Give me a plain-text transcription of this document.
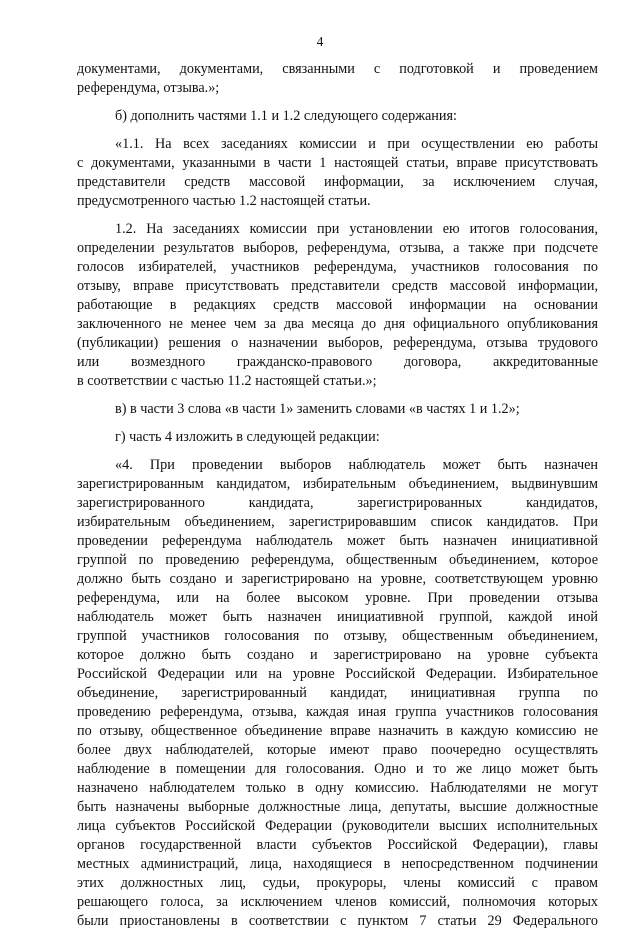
4
документами, документами, связанными с подготовкой и проведением
референдума, отзыва.»;
б) дополнить частями 1.1 и 1.2 следующего содержания:
«1.1. На всех заседаниях комиссии и при осуществлении ею работы
с документами, указанными в части 1 настоящей статьи, вправе присутствовать
представители средств массовой информации, за исключением случая,
предусмотренного частью 1.2 настоящей статьи.
1.2. На заседаниях комиссии при установлении ею итогов голосования,
определении результатов выборов, референдума, отзыва, а также при подсчете
голосов избирателей, участников референдума, участников голосования по
отзыву, вправе присутствовать представители средств массовой информации,
работающие в редакциях средств массовой информации на основании
заключенного не менее чем за два месяца до дня официального опубликования
(публикации) решения о назначении выборов, референдума, отзыва трудового
или возмездного гражданско-правового договора, аккредитованные
в соответствии с частью 11.2 настоящей статьи.»;
в) в части 3 слова «в части 1» заменить словами «в частях 1 и 1.2»;
г) часть 4 изложить в следующей редакции:
«4. При проведении выборов наблюдатель может быть назначен
зарегистрированным кандидатом, избирательным объединением, выдвинувшим
зарегистрированного кандидата, зарегистрированных кандидатов,
избирательным объединением, зарегистрировавшим список кандидатов. При
проведении референдума наблюдатель может быть назначен инициативной
группой по проведению референдума, общественным объединением, которое
должно быть создано и зарегистрировано на уровне, соответствующем уровню
референдума, или на более высоком уровне. При проведении отзыва
наблюдатель может быть назначен инициативной группой, каждой иной
группой участников голосования по отзыву, общественным объединением,
которое должно быть создано и зарегистрировано на уровне субъекта
Российской Федерации или на уровне Российской Федерации. Избирательное
объединение, зарегистрированный кандидат, инициативная группа по
проведению референдума, отзыва, каждая иная группа участников голосования
по отзыву, общественное объединение вправе назначить в каждую комиссию не
более двух наблюдателей, которые имеют право поочередно осуществлять
наблюдение в помещении для голосования. Одно и то же лицо может быть
назначено наблюдателем только в одну комиссию. Наблюдателями не могут
быть назначены выборные должностные лица, депутаты, высшие должностные
лица субъектов Российской Федерации (руководители высших исполнительных
органов государственной власти субъектов Российской Федерации), главы
местных администраций, лица, находящиеся в непосредственном подчинении
этих должностных лиц, судьи, прокуроры, члены комиссий с правом
решающего голоса, за исключением членов комиссий, полномочия которых
были приостановлены в соответствии с пунктом 7 статьи 29 Федерального
